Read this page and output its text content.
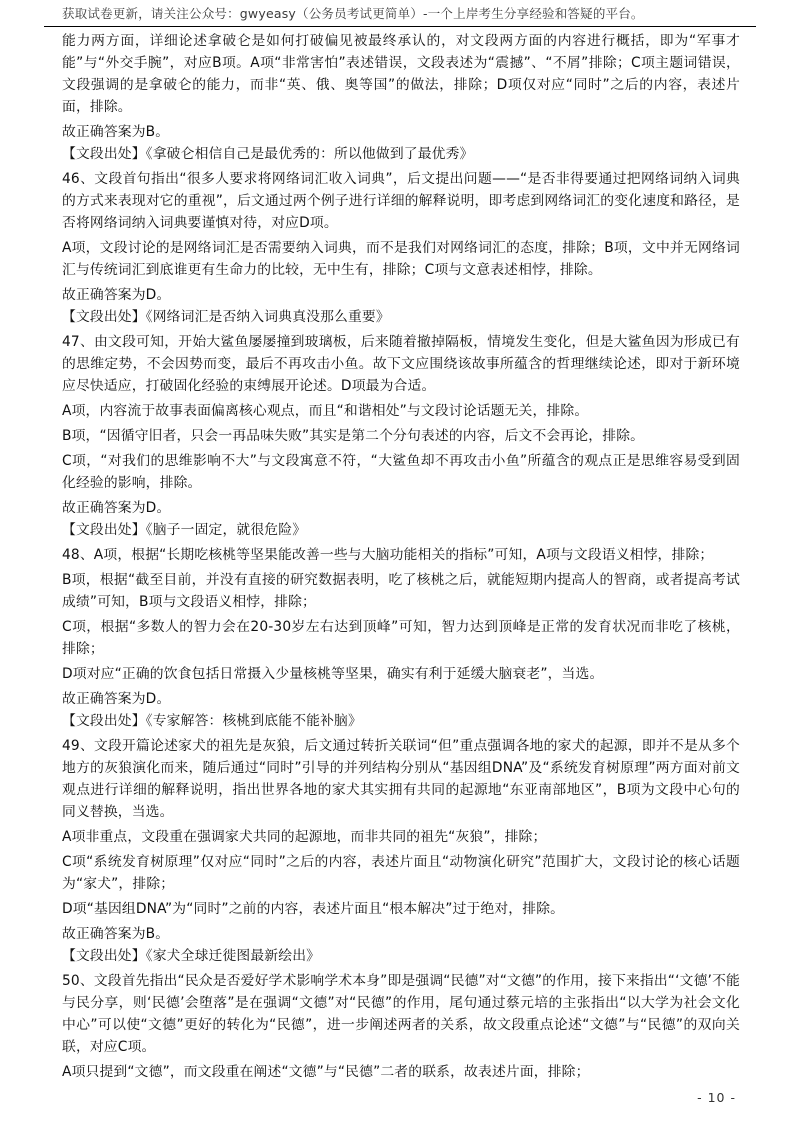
获取试卷更新，请关注公众号：gwyeasy（公务员考试更简单）-一个上岸考生分享经验和答疑的平台。

能力两方面，详细论述拿破仑是如何打破偏见被最终承认的，对文段两方面的内容进行概括，即为“军事才能”与“外交手腕”，对应B项。A项“非常害怕”表述错误，文段表述为“震撼”、“不屑”排除；C项主题词错误，文段强调的是拿破仑的能力，而非“英、俄、奥等国”的做法，排除；D项仅对应“同时”之后的内容，表述片面，排除。

故正确答案为B。

【文段出处】《拿破仑相信自己是最优秀的：所以他做到了最优秀》

46、文段首句指出“很多人要求将网络词汇收入词典”，后文提出问题——“是否非得要通过把网络词纳入词典的方式来表现对它的重视”，后文通过两个例子进行详细的解释说明，即考虑到网络词汇的变化速度和路径，是否将网络词纳入词典要谨慎对待，对应D项。

A项，文段讨论的是网络词汇是否需要纳入词典，而不是我们对网络词汇的态度，排除；B项，文中并无网络词汇与传统词汇到底谁更有生命力的比较，无中生有，排除；C项与文意表述相悖，排除。

故正确答案为D。

【文段出处】《网络词汇是否纳入词典真没那么重要》

47、由文段可知，开始大鲨鱼屡屡撞到玻璃板，后来随着撤掉隔板，情境发生变化，但是大鲨鱼因为形成已有的思维定势，不会因势而变，最后不再攻击小鱼。故下文应围绕该故事所蕴含的哲理继续论述，即对于新环境应尽快适应，打破固化经验的束缚展开论述。D项最为合适。

A项，内容流于故事表面偏离核心观点，而且“和谐相处”与文段讨论话题无关，排除。

B项，“因循守旧者，只会一再品味失败”其实是第二个分句表述的内容，后文不会再论，排除。

C项，“对我们的思维影响不大”与文段寓意不符，“大鲨鱼却不再攻击小鱼”所蕴含的观点正是思维容易受到固化经验的影响，排除。

故正确答案为D。

【文段出处】《脑子一固定，就很危险》

48、A项，根据“长期吃核桃等坚果能改善一些与大脑功能相关的指标”可知，A项与文段语义相悖，排除；

B项，根据“截至目前，并没有直接的研究数据表明，吃了核桃之后，就能短期内提高人的智商，或者提高考试成绩”可知，B项与文段语义相悖，排除；

C项，根据“多数人的智力会在20-30岁左右达到顶峰”可知，智力达到顶峰是正常的发育状况而非吃了核桃，排除；

D项对应“正确的饮食包括日常摄入少量核桃等坚果，确实有利于延缓大脑衰老”，当选。

故正确答案为D。

【文段出处】《专家解答：核桃到底能不能补脑》

49、文段开篇论述家犬的祖先是灰狼，后文通过转折关联词“但”重点强调各地的家犬的起源，即并不是从多个地方的灰狼演化而来，随后通过“同时”引导的并列结构分别从“基因组DNA”及“系统发育树原理”两方面对前文观点进行详细的解释说明，指出世界各地的家犬其实拥有共同的起源地“东亚南部地区”，B项为文段中心句的同义替换，当选。

A项非重点，文段重在强调家犬共同的起源地，而非共同的祖先“灰狼”，排除；

C项“系统发育树原理”仅对应“同时”之后的内容，表述片面且“动物演化研究”范围扩大，文段讨论的核心话题为“家犬”，排除；

D项“基因组DNA”为“同时”之前的内容，表述片面且“根本解决”过于绝对，排除。

故正确答案为B。

【文段出处】《家犬全球迁徙图最新绘出》

50、文段首先指出“民众是否爱好学术影响学术本身”即是强调“民德”对“文德”的作用，接下来指出“‘文德’不能与民分享，则‘民德’会堕落”是在强调“文德”对“民德”的作用，尾句通过蔡元培的主张指出“以大学为社会文化中心”可以使“文德”更好的转化为“民德”，进一步阐述两者的关系，故文段重点论述“文德”与“民德”的双向关联，对应C项。

A项只提到“文德”，而文段重在阐述“文德”与“民德”二者的联系，故表述片面，排除；

- 10 -
